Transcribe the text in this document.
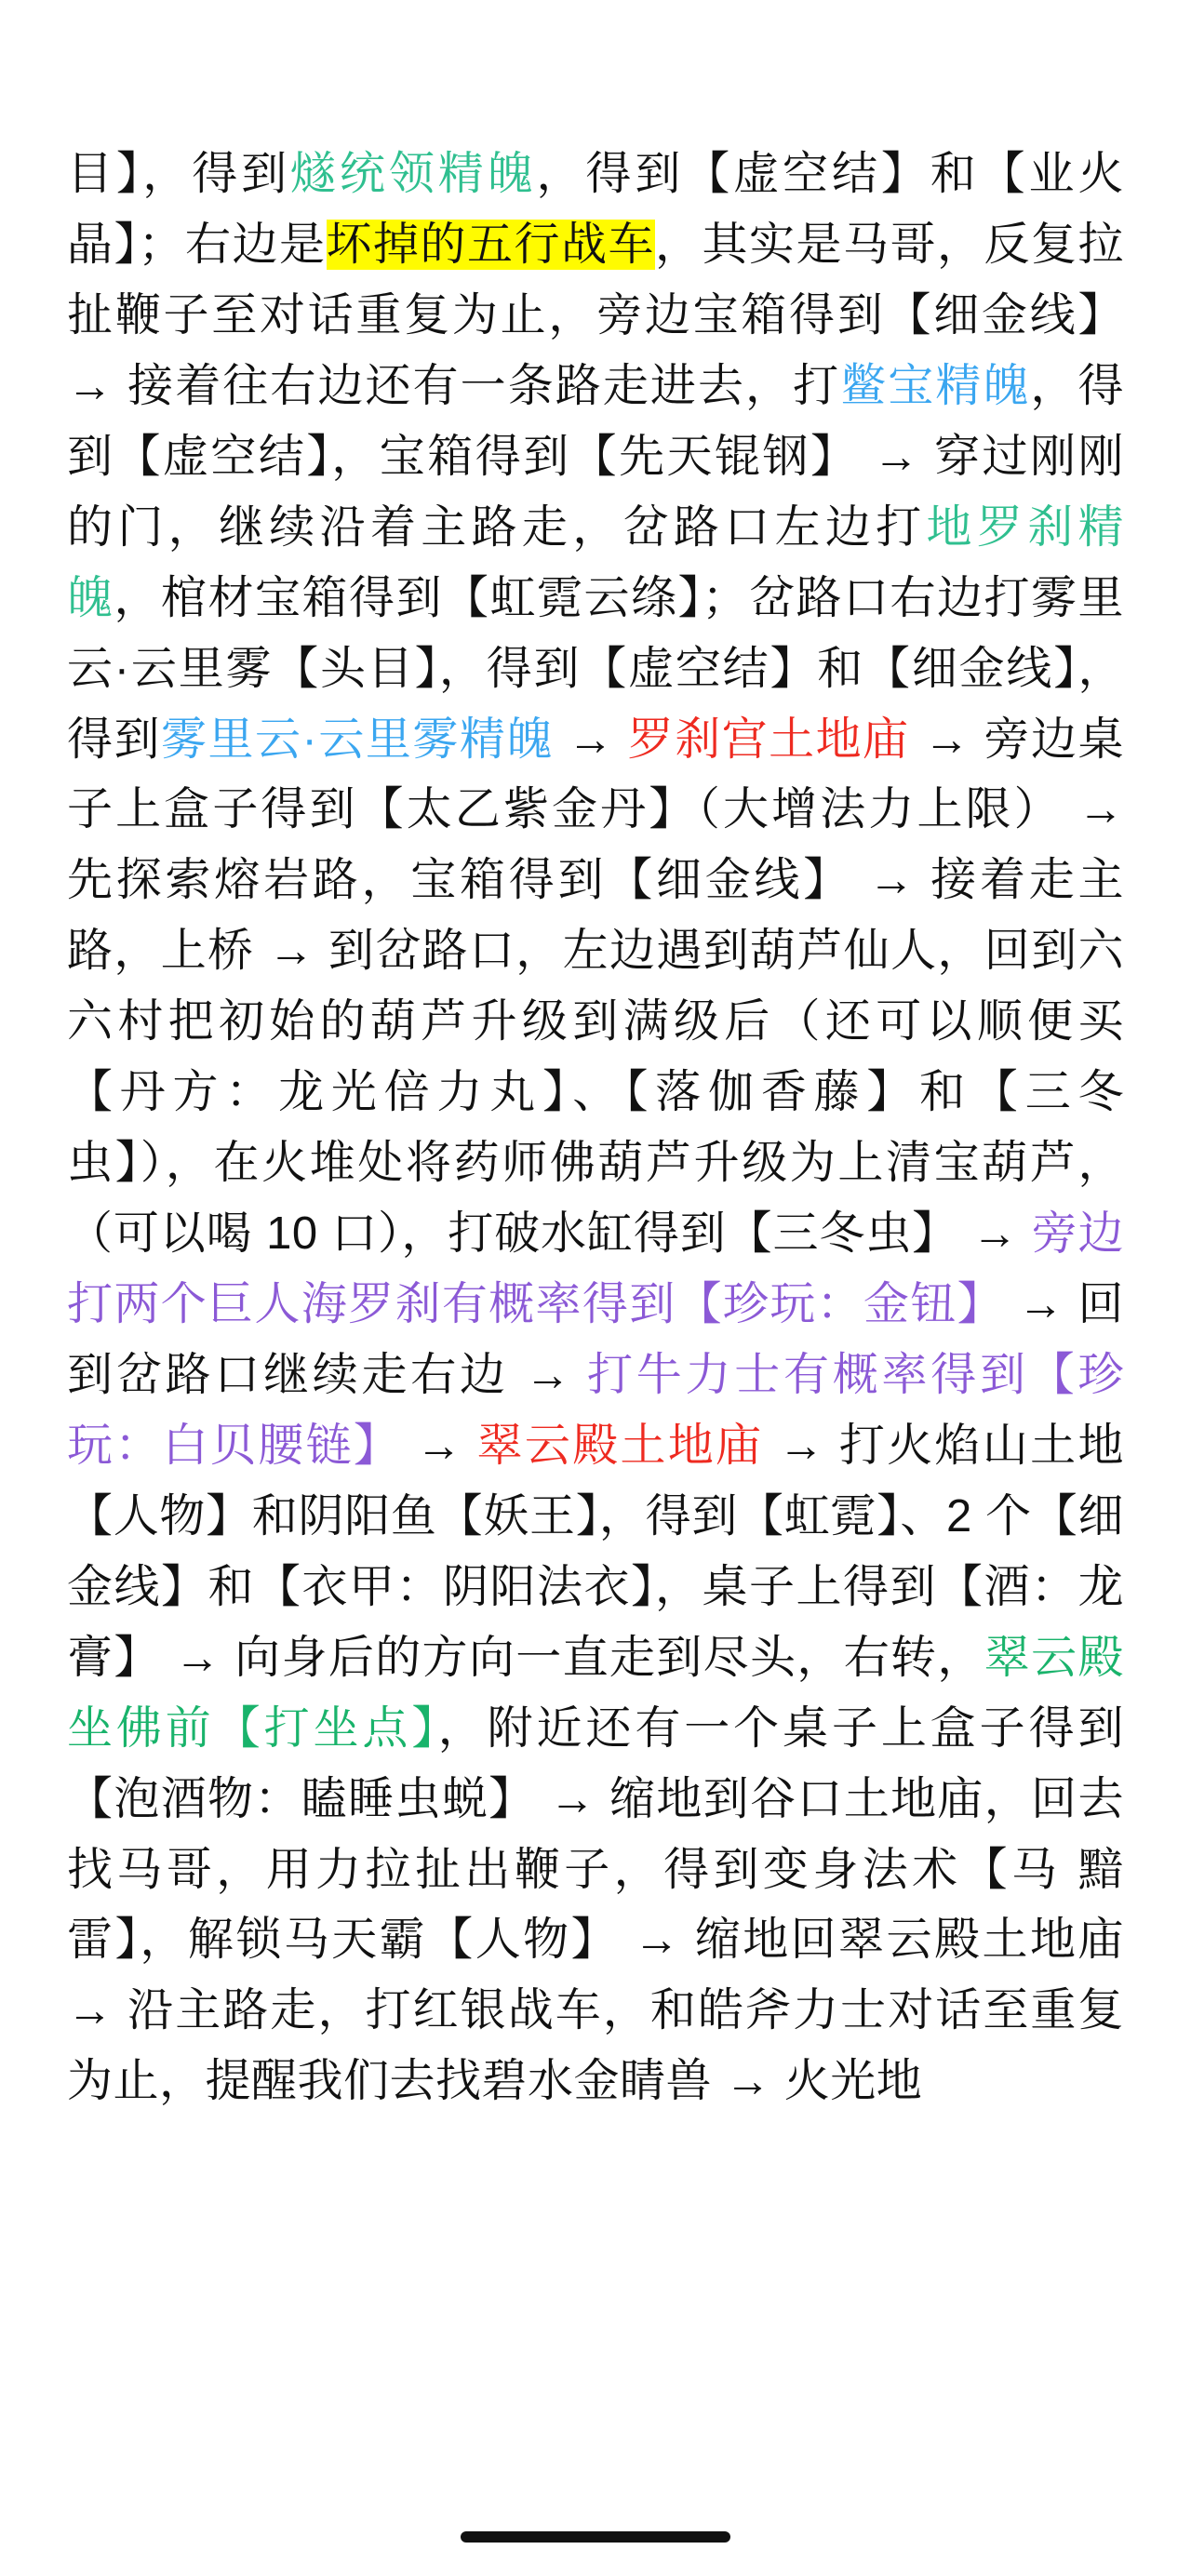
目】，得到燧统领精魄，得到【虚空结】和【业火晶】；右边是坏掉的五行战车，其实是马哥，反复拉扯鞭子至对话重复为止，旁边宝箱得到【细金线】 → 接着往右边还有一条路走进去，打鳖宝精魄，得到【虚空结】，宝箱得到【先天锟钢】 → 穿过刚刚的门，继续沿着主路走，岔路口左边打地罗刹精魄，棺材宝箱得到【虹霓云绦】；岔路口右边打雾里云·云里雾【头目】，得到【虚空结】和【细金线】，得到雾里云·云里雾精魄 → 罗刹宫土地庙 → 旁边桌子上盒子得到【太乙紫金丹】（大增法力上限） → 先探索熔岩路，宝箱得到【细金线】 → 接着走主路，上桥 → 到岔路口，左边遇到葫芦仙人，回到六六村把初始的葫芦升级到满级后（还可以顺便买【丹方：龙光倍力丸】、【落伽香藤】和【三冬虫】），在火堆处将药师佛葫芦升级为上清宝葫芦，（可以喝 10 口），打破水缸得到【三冬虫】 → 旁边打两个巨人海罗刹有概率得到【珍玩：金钮】 → 回到岔路口继续走右边 → 打牛力士有概率得到【珍玩：白贝腰链】 → 翠云殿土地庙 → 打火焰山土地【人物】和阴阳鱼【妖王】，得到【虹霓】、2 个【细金线】和【衣甲：阴阳法衣】，桌子上得到【酒：龙膏】 → 向身后的方向一直走到尽头，右转，翠云殿坐佛前【打坐点】，附近还有一个桌子上盒子得到【泡酒物：瞌睡虫蜕】 → 缩地到谷口土地庙，回去找马哥，用力拉扯出鞭子，得到变身法术【马 黯雷】，解锁马天霸【人物】 → 缩地回翠云殿土地庙 → 沿主路走，打红银战车，和皓斧力士对话至重复为止，提醒我们去找碧水金睛兽 → 火光地
